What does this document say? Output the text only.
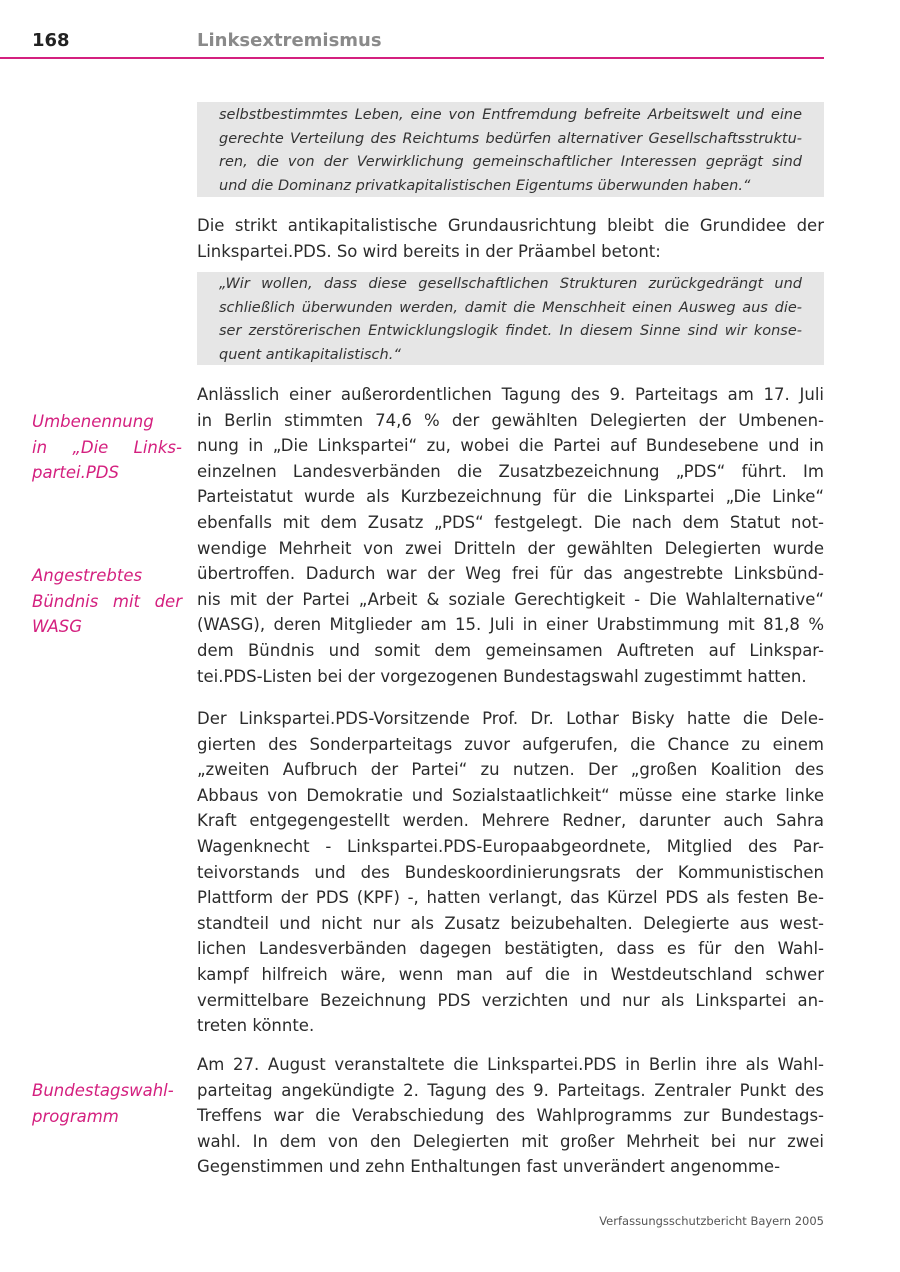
168	Linksextremismus

selbstbestimmtes Leben, eine von Entfremdung befreite Arbeitswelt und eine
gerechte Verteilung des Reichtums bedürfen alternativer Gesellschaftsstruktu-
ren, die von der Verwirklichung gemeinschaftlicher Interessen geprägt sind
und die Dominanz privatkapitalistischen Eigentums überwunden haben.“

Die strikt antikapitalistische Grundausrichtung bleibt die Grundidee der
Linkspartei.PDS. So wird bereits in der Präambel betont:

„Wir wollen, dass diese gesellschaftlichen Strukturen zurückgedrängt und
schließlich überwunden werden, damit die Menschheit einen Ausweg aus die-
ser zerstörerischen Entwicklungslogik findet. In diesem Sinne sind wir konse-
quent antikapitalistisch.“

Umbenennung
in „Die Links-
partei.PDS

Angestrebtes
Bündnis mit der
WASG

Bundestagswahl-
programm

Anlässlich einer außerordentlichen Tagung des 9. Parteitags am 17. Juli
in Berlin stimmten 74,6 % der gewählten Delegierten der Umbenen-
nung in „Die Linkspartei“ zu, wobei die Partei auf Bundesebene und in
einzelnen Landesverbänden die Zusatzbezeichnung „PDS“ führt. Im
Parteistatut wurde als Kurzbezeichnung für die Linkspartei „Die Linke“
ebenfalls mit dem Zusatz „PDS“ festgelegt. Die nach dem Statut not-
wendige Mehrheit von zwei Dritteln der gewählten Delegierten wurde
übertroffen. Dadurch war der Weg frei für das angestrebte Linksbünd-
nis mit der Partei „Arbeit & soziale Gerechtigkeit - Die Wahlalternative“
(WASG), deren Mitglieder am 15. Juli in einer Urabstimmung mit 81,8 %
dem Bündnis und somit dem gemeinsamen Auftreten auf Linkspar-
tei.PDS-Listen bei der vorgezogenen Bundestagswahl zugestimmt hatten.

Der Linkspartei.PDS-Vorsitzende Prof. Dr. Lothar Bisky hatte die Dele-
gierten des Sonderparteitags zuvor aufgerufen, die Chance zu einem
„zweiten Aufbruch der Partei“ zu nutzen. Der „großen Koalition des
Abbaus von Demokratie und Sozialstaatlichkeit“ müsse eine starke linke
Kraft entgegengestellt werden. Mehrere Redner, darunter auch Sahra
Wagenknecht - Linkspartei.PDS-Europaabgeordnete, Mitglied des Par-
teivorstands und des Bundeskoordinierungsrats der Kommunistischen
Plattform der PDS (KPF) -, hatten verlangt, das Kürzel PDS als festen Be-
standteil und nicht nur als Zusatz beizubehalten. Delegierte aus west-
lichen Landesverbänden dagegen bestätigten, dass es für den Wahl-
kampf hilfreich wäre, wenn man auf die in Westdeutschland schwer
vermittelbare Bezeichnung PDS verzichten und nur als Linkspartei an-
treten könnte.

Am 27. August veranstaltete die Linkspartei.PDS in Berlin ihre als Wahl-
parteitag angekündigte 2. Tagung des 9. Parteitags. Zentraler Punkt des
Treffens war die Verabschiedung des Wahlprogramms zur Bundestags-
wahl. In dem von den Delegierten mit großer Mehrheit bei nur zwei
Gegenstimmen und zehn Enthaltungen fast unverändert angenomme-

Verfassungsschutzbericht Bayern 2005
